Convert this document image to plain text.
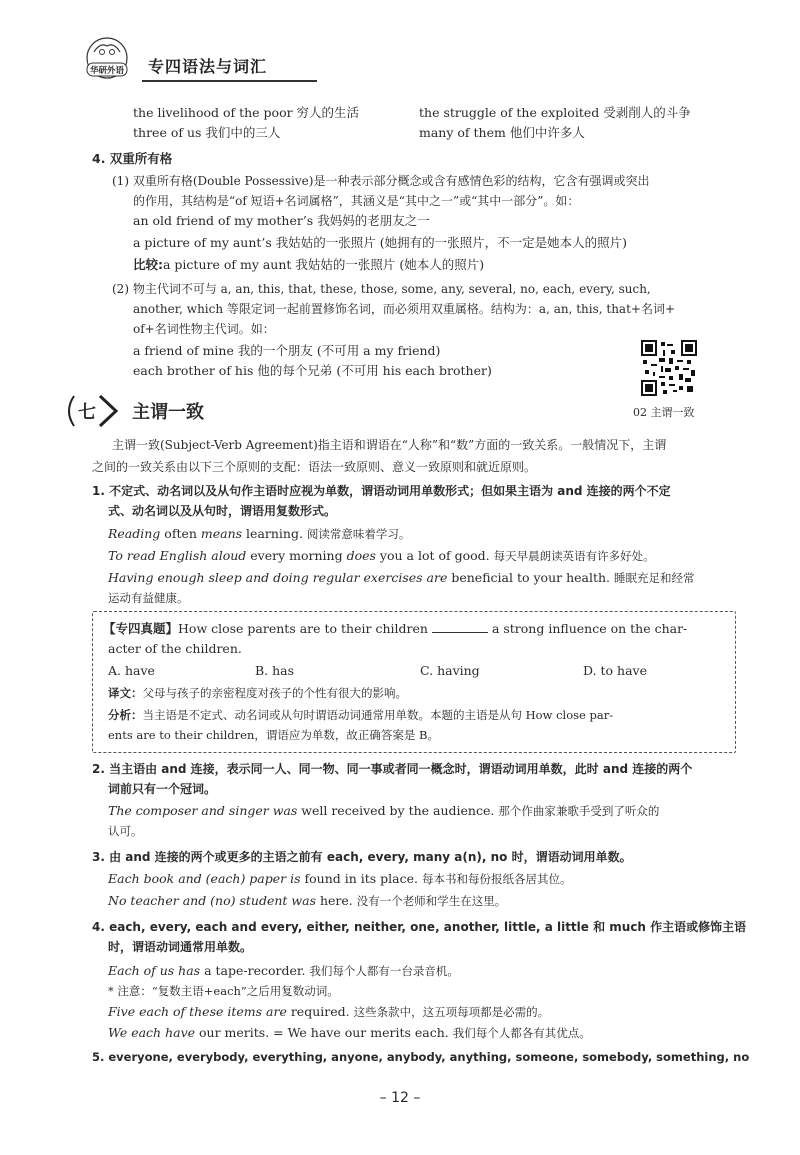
华研外语 专四语法与词汇
the livelihood of the poor 穷人的生活	the struggle of the exploited 受剥削人的斗争
three of us 我们中的三人	many of them 他们中许多人
4. 双重所有格
(1) 双重所有格(Double Possessive)是一种表示部分概念或含有感情色彩的结构，它含有强调或突出
的作用，其结构是“of 短语+名词属格”，其涵义是“其中之一”或“其中一部分”。如：
an old friend of my mother’s 我妈妈的老朋友之一
a picture of my aunt’s 我姑姑的一张照片 (她拥有的一张照片，不一定是她本人的照片)
比较:a picture of my aunt 我姑姑的一张照片 (她本人的照片)
(2) 物主代词不可与 a, an, this, that, these, those, some, any, several, no, each, every, such,
another, which 等限定词一起前置修饰名词，而必须用双重属格。结构为：a, an, this, that+名词+
of+名词性物主代词。如：
a friend of mine 我的一个朋友 (不可用 a my friend)
each brother of his 他的每个兄弟 (不可用 his each brother)
02 主谓一致
七 主谓一致
主谓一致(Subject-Verb Agreement)指主语和谓语在“人称”和“数”方面的一致关系。一般情况下，主谓
之间的一致关系由以下三个原则的支配：语法一致原则、意义一致原则和就近原则。
1. 不定式、动名词以及从句作主语时应视为单数，谓语动词用单数形式；但如果主语为 and 连接的两个不定
式、动名词以及从句时，谓语用复数形式。
Reading often means learning. 阅读常意味着学习。
To read English aloud every morning does you a lot of good. 每天早晨朗读英语有许多好处。
Having enough sleep and doing regular exercises are beneficial to your health. 睡眠充足和经常
运动有益健康。
【专四真题】How close parents are to their children	a strong influence on the char-
acter of the children.
A. have	B. has	C. having	D. to have
译文：父母与孩子的亲密程度对孩子的个性有很大的影响。
分析：当主语是不定式、动名词或从句时谓语动词通常用单数。本题的主语是从句 How close par-
ents are to their children，谓语应为单数，故正确答案是 B。
2. 当主语由 and 连接，表示同一人、同一物、同一事或者同一概念时，谓语动词用单数，此时 and 连接的两个
词前只有一个冠词。
The composer and singer was well received by the audience. 那个作曲家兼歌手受到了听众的
认可。
3. 由 and 连接的两个或更多的主语之前有 each, every, many a(n), no 时，谓语动词用单数。
Each book and (each) paper is found in its place. 每本书和每份报纸各居其位。
No teacher and (no) student was here. 没有一个老师和学生在这里。
4. each, every, each and every, either, neither, one, another, little, a little 和 much 作主语或修饰主语
时，谓语动词通常用单数。
Each of us has a tape-recorder. 我们每个人都有一台录音机。
* 注意：“复数主语+each”之后用复数动词。
Five each of these items are required. 这些条款中，这五项每项都是必需的。
We each have our merits. = We have our merits each. 我们每个人都各有其优点。
5. everyone, everybody, everything, anyone, anybody, anything, someone, somebody, something, no
– 12 –
